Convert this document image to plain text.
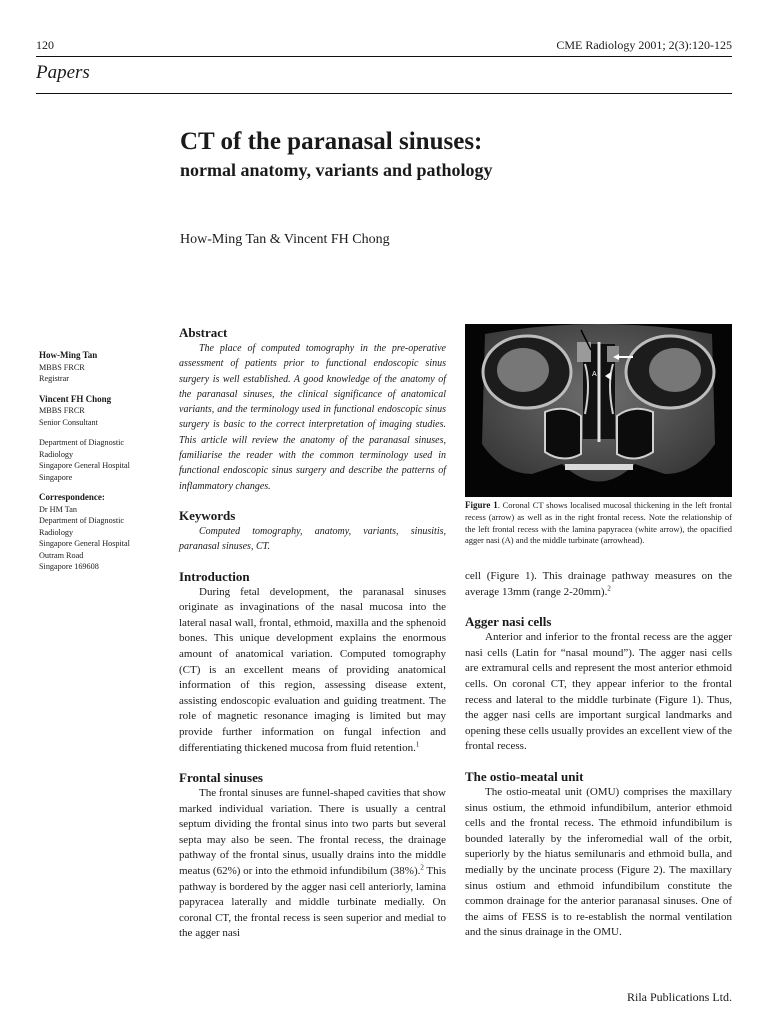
120	CME Radiology 2001; 2(3):120-125
Papers
CT of the paranasal sinuses:
normal anatomy, variants and pathology
How-Ming Tan & Vincent FH Chong
How-Ming Tan
MBBS FRCR
Registrar
Vincent FH Chong
MBBS FRCR
Senior Consultant
Department of Diagnostic
Radiology
Singapore General Hospital
Singapore
Correspondence:
Dr HM Tan
Department of Diagnostic
Radiology
Singapore General Hospital
Outram Road
Singapore 169608
Abstract

The place of computed tomography in the pre-operative assessment of patients prior to functional endoscopic sinus surgery is well established. A good knowledge of the anatomy of the paranasal sinuses, the clinical significance of anatomical variants, and the terminology used in functional endoscopic sinus surgery is basic to the correct interpretation of imaging studies. This article will review the anatomy of the paranasal sinuses, familiarise the reader with the common terminology used in functional endoscopic sinus surgery and describe the patterns of inflammatory changes.

Keywords

Computed tomography, anatomy, variants, sinusitis, paranasal sinuses, CT.

Introduction

During fetal development, the paranasal sinuses originate as invaginations of the nasal mucosa into the lateral nasal wall, frontal, ethmoid, maxilla and the sphenoid bones. This unique development explains the enormous amount of anatomical variation. Computed tomography (CT) is an excellent means of providing anatomical information of this region, assessing disease extent, assisting endoscopic evaluation and guiding treatment. The role of magnetic resonance imaging is limited but may provide further information on fungal infection and differentiating thickened mucosa from fluid retention.$^1$

Frontal sinuses

The frontal sinuses are funnel-shaped cavities that show marked individual variation. There is usually a central septum dividing the frontal sinus into two parts but several septa may also be seen. The frontal recess, the drainage pathway of the frontal sinus, usually drains into the middle meatus (62%) or into the ethmoid infundibilum (38%).$^2$ This pathway is bordered by the agger nasi cell anteriorly, lamina papyracea laterally and middle turbinate medially. On coronal CT, the frontal recess is seen superior and medial to the agger nasi

A
Figure 1. Coronal CT shows localised mucosal thickening in the left frontal recess (arrow) as well as in the right frontal recess. Note the relationship of the left frontal recess with the lamina papyracea (white arrow), the opacified agger nasi (A) and the middle turbinate (arrowhead).

cell (Figure 1). This drainage pathway measures on the average 13mm (range 2-20mm).$^2$

Agger nasi cells

Anterior and inferior to the frontal recess are the agger nasi cells (Latin for “nasal mound”). The agger nasi cells are extramural cells and represent the most anterior ethmoid cells. On coronal CT, they appear inferior to the frontal recess and lateral to the middle turbinate (Figure 1). Thus, the agger nasi cells are important surgical landmarks and opening these cells usually provides an excellent view of the frontal recess.

The ostio-meatal unit

The ostio-meatal unit (OMU) comprises the maxillary sinus ostium, the ethmoid infundibilum, anterior ethmoid cells and the frontal recess. The ethmoid infundibilum is bounded laterally by the inferomedial wall of the orbit, superiorly by the hiatus semilunaris and ethmoid bulla, and medially by the uncinate process (Figure 2). The maxillary sinus ostium and ethmoid infundibilum constitute the common drainage for the anterior paranasal sinuses. One of the aims of FESS is to re-establish the normal ventilation and the sinus drainage in the OMU.

Rila Publications Ltd.
